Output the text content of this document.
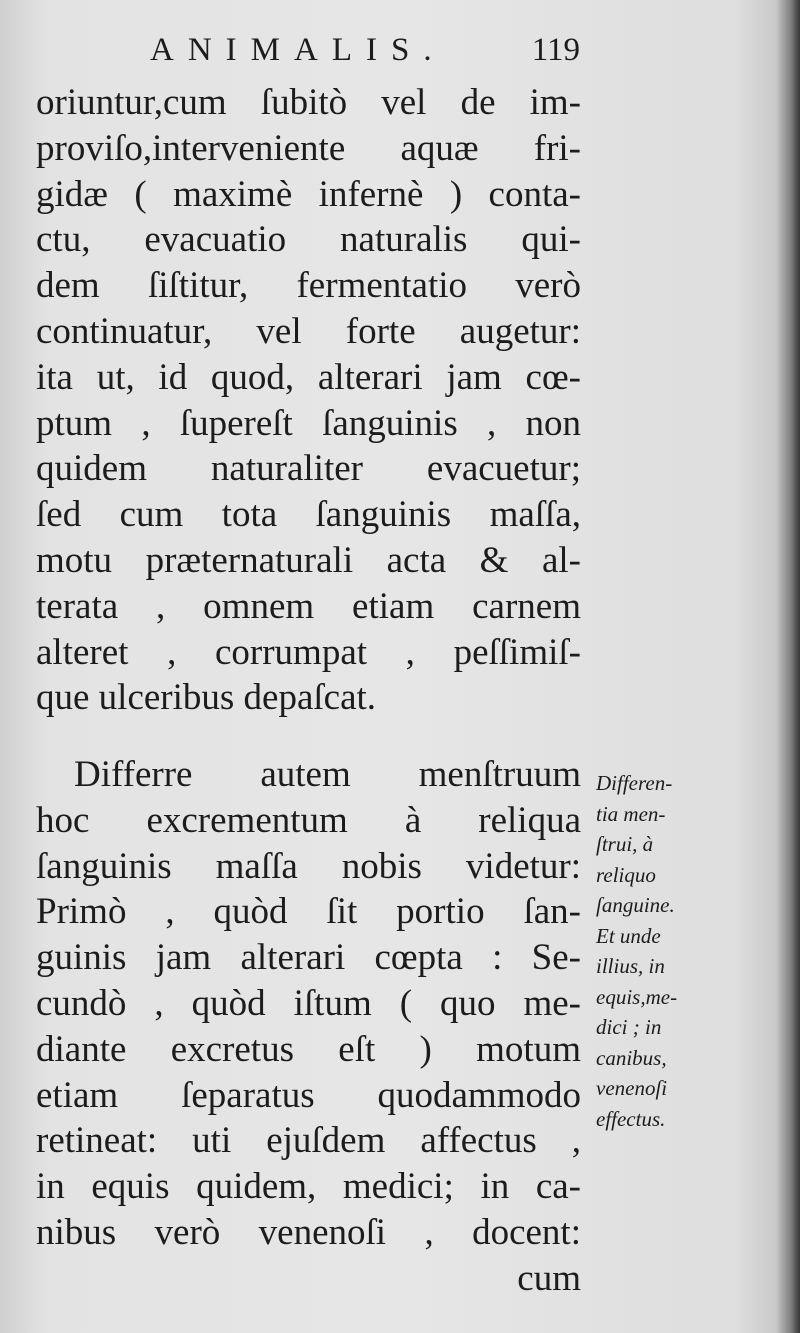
ANIMALIS.	119
oriuntur,cum ſubitò vel de im-
proviſo,interveniente aquæ fri-
gidæ ( maximè infernè ) conta-
ctu, evacuatio naturalis qui-
dem ſiſtitur, fermentatio verò
continuatur, vel forte augetur:
ita ut, id quod, alterari jam cœ-
ptum , ſupereſt ſanguinis , non
quidem naturaliter evacuetur;
ſed cum tota ſanguinis maſſa,
motu præternaturali acta & al-
terata , omnem etiam carnem
alteret , corrumpat , peſſimiſ-
que ulceribus depaſcat.
Differre autem menſtruum
hoc excrementum à reliqua
ſanguinis maſſa nobis videtur:
Primò , quòd ſit portio ſan-
guinis jam alterari cœpta : Se-
cundò , quòd iſtum ( quo me-
diante excretus eſt ) motum
etiam ſeparatus quodammodo
retineat: uti ejuſdem affectus ,
in equis quidem, medici; in ca-
nibus verò venenoſi , docent:
cum
Differen-
tia men-
ſtrui, à
reliquo
ſanguine.
Et unde
illius, in
equis,me-
dici ; in
canibus,
venenoſi
effectus.
